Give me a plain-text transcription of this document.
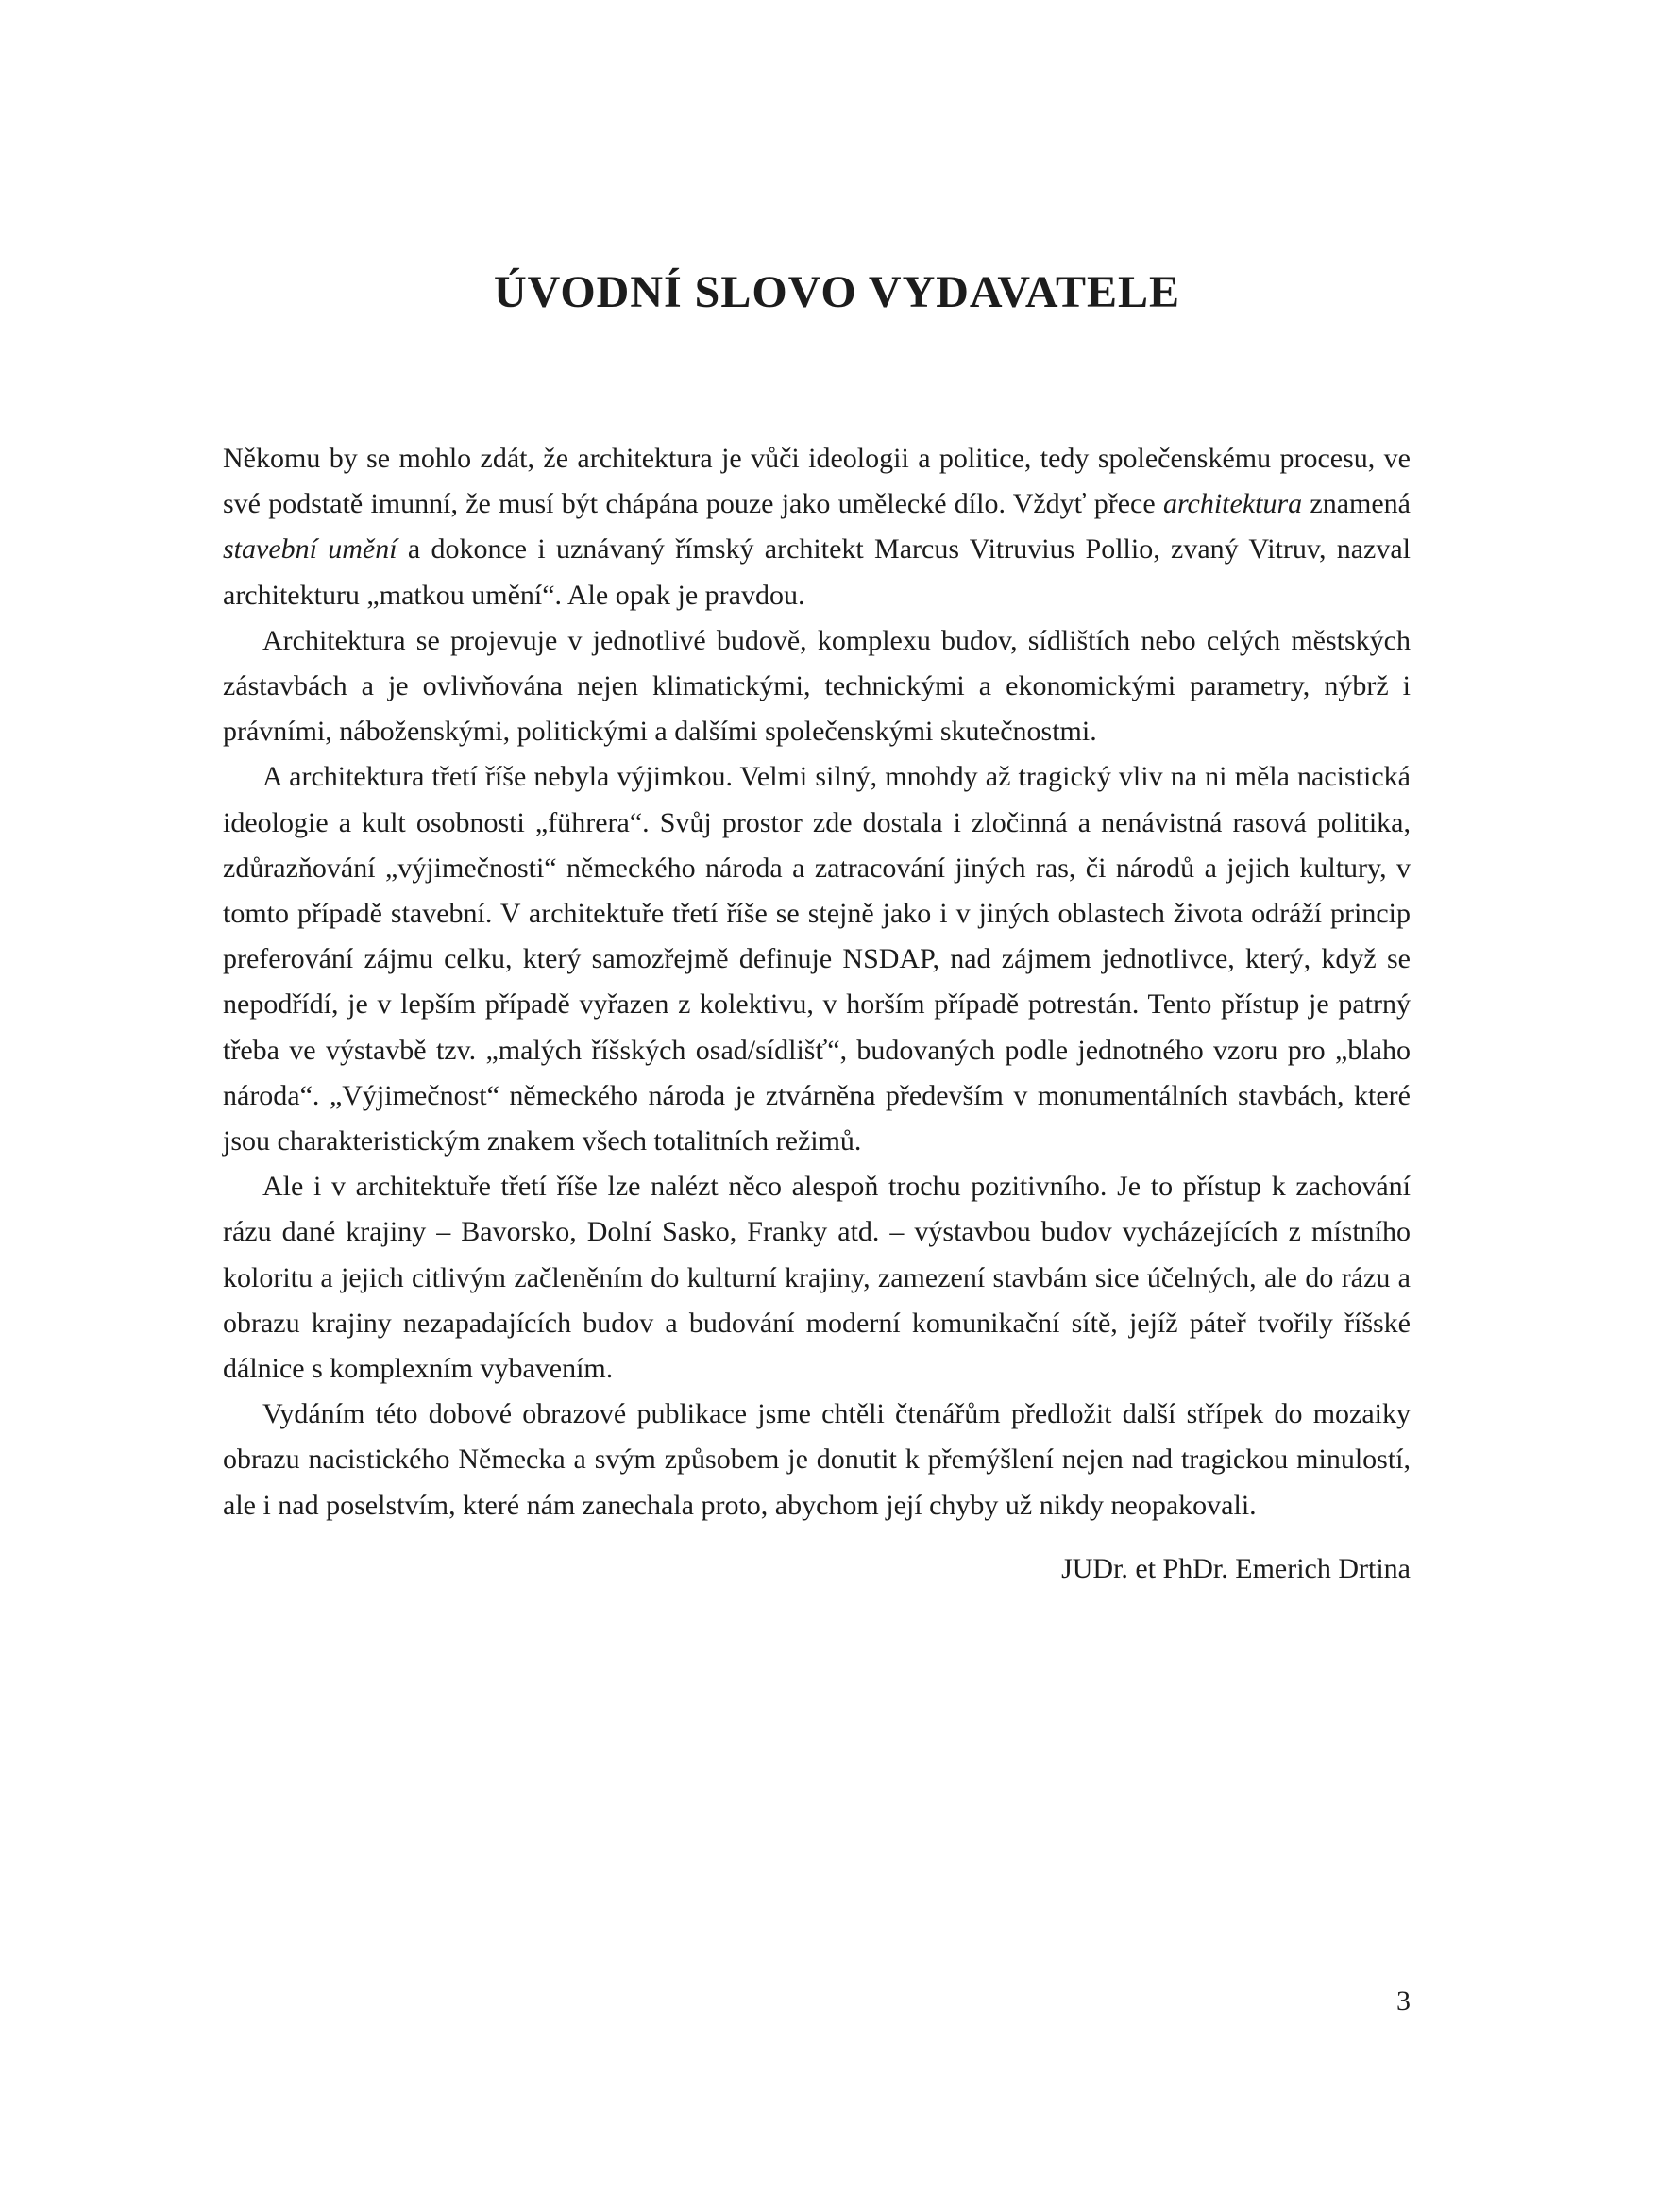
ÚVODNÍ SLOVO VYDAVATELE

Někomu by se mohlo zdát, že architektura je vůči ideologii a politice, tedy společenskému procesu, ve své podstatě imunní, že musí být chápána pouze jako umělecké dílo. Vždyť přece architektura znamená stavební umění a dokonce i uznávaný římský architekt Marcus Vitruvius Pollio, zvaný Vitruv, nazval architekturu „matkou umění“. Ale opak je pravdou.

Architektura se projevuje v jednotlivé budově, komplexu budov, sídlištích nebo celých městských zástavbách a je ovlivňována nejen klimatickými, technickými a ekonomickými parametry, nýbrž i právními, náboženskými, politickými a dalšími společenskými skutečnostmi.

A architektura třetí říše nebyla výjimkou. Velmi silný, mnohdy až tragický vliv na ni měla nacistická ideologie a kult osobnosti „führera“. Svůj prostor zde dostala i zločinná a nenávistná rasová politika, zdůrazňování „výjimečnosti“ německého národa a zatracování jiných ras, či národů a jejich kultury, v tomto případě stavební. V architektuře třetí říše se stejně jako i v jiných oblastech života odráží princip preferování zájmu celku, který samozřejmě definuje NSDAP, nad zájmem jednotlivce, který, když se nepodřídí, je v lepším případě vyřazen z kolektivu, v horším případě potrestán. Tento přístup je patrný třeba ve výstavbě tzv. „malých říšských osad/sídlišť“, budovaných podle jednotného vzoru pro „blaho národa“. „Výjimečnost“ německého národa je ztvárněna především v monumentálních stavbách, které jsou charakteristickým znakem všech totalitních režimů.

Ale i v architektuře třetí říše lze nalézt něco alespoň trochu pozitivního. Je to přístup k zachování rázu dané krajiny – Bavorsko, Dolní Sasko, Franky atd. – výstavbou budov vycházejících z místního koloritu a jejich citlivým začleněním do kulturní krajiny, zamezení stavbám sice účelných, ale do rázu a obrazu krajiny nezapadajících budov a budování moderní komunikační sítě, jejíž páteř tvořily říšské dálnice s komplexním vybavením.

Vydáním této dobové obrazové publikace jsme chtěli čtenářům předložit další střípek do mozaiky obrazu nacistického Německa a svým způsobem je donutit k přemýšlení nejen nad tragickou minulostí, ale i nad poselstvím, které nám zanechala proto, abychom její chyby už nikdy neopakovali.

JUDr. et PhDr. Emerich Drtina
3
